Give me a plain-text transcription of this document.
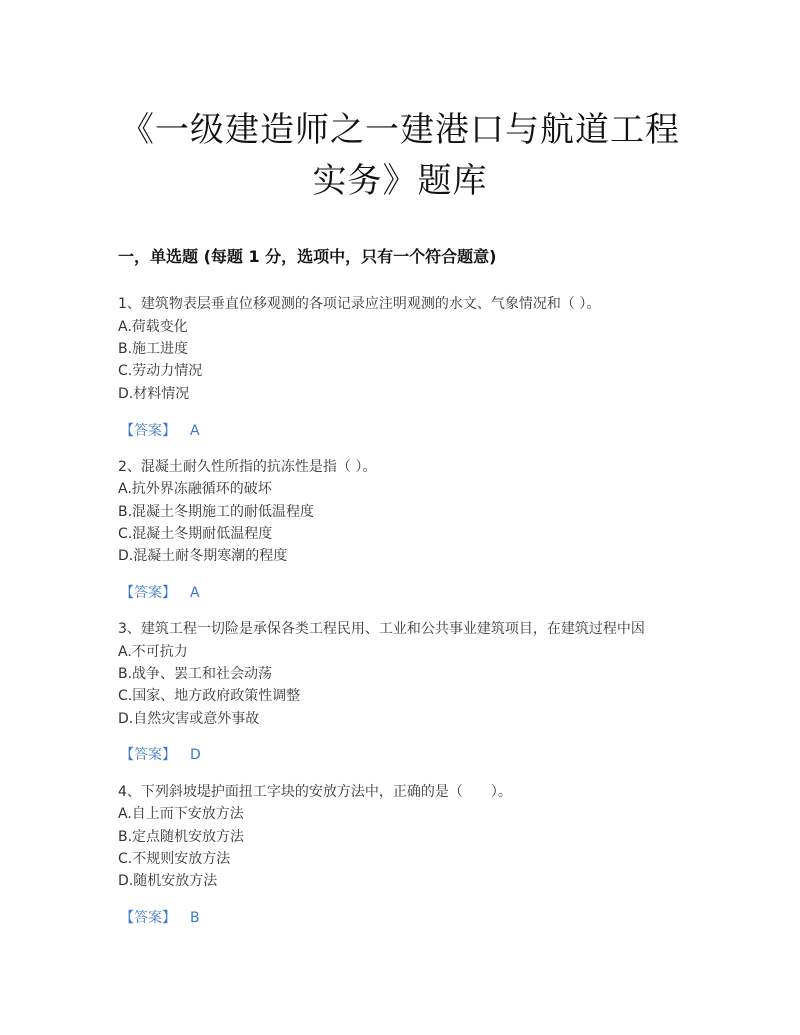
《一级建造师之一建港口与航道工程
实务》题库
一，单选题 (每题 1 分，选项中，只有一个符合题意)
1、建筑物表层垂直位移观测的各项记录应注明观测的水文、气象情况和（ ）。
A.荷载变化
B.施工进度
C.劳动力情况
D.材料情况
【答案】 A
2、混凝土耐久性所指的抗冻性是指（ ）。
A.抗外界冻融循环的破坏
B.混凝土冬期施工的耐低温程度
C.混凝土冬期耐低温程度
D.混凝土耐冬期寒潮的程度
【答案】 A
3、建筑工程一切险是承保各类工程民用、工业和公共事业建筑项目，在建筑过程中因
A.不可抗力
B.战争、罢工和社会动荡
C.国家、地方政府政策性调整
D.自然灾害或意外事故
【答案】 D
4、下列斜坡堤护面扭工字块的安放方法中，正确的是（　　）。
A.自上而下安放方法
B.定点随机安放方法
C.不规则安放方法
D.随机安放方法
【答案】 B
